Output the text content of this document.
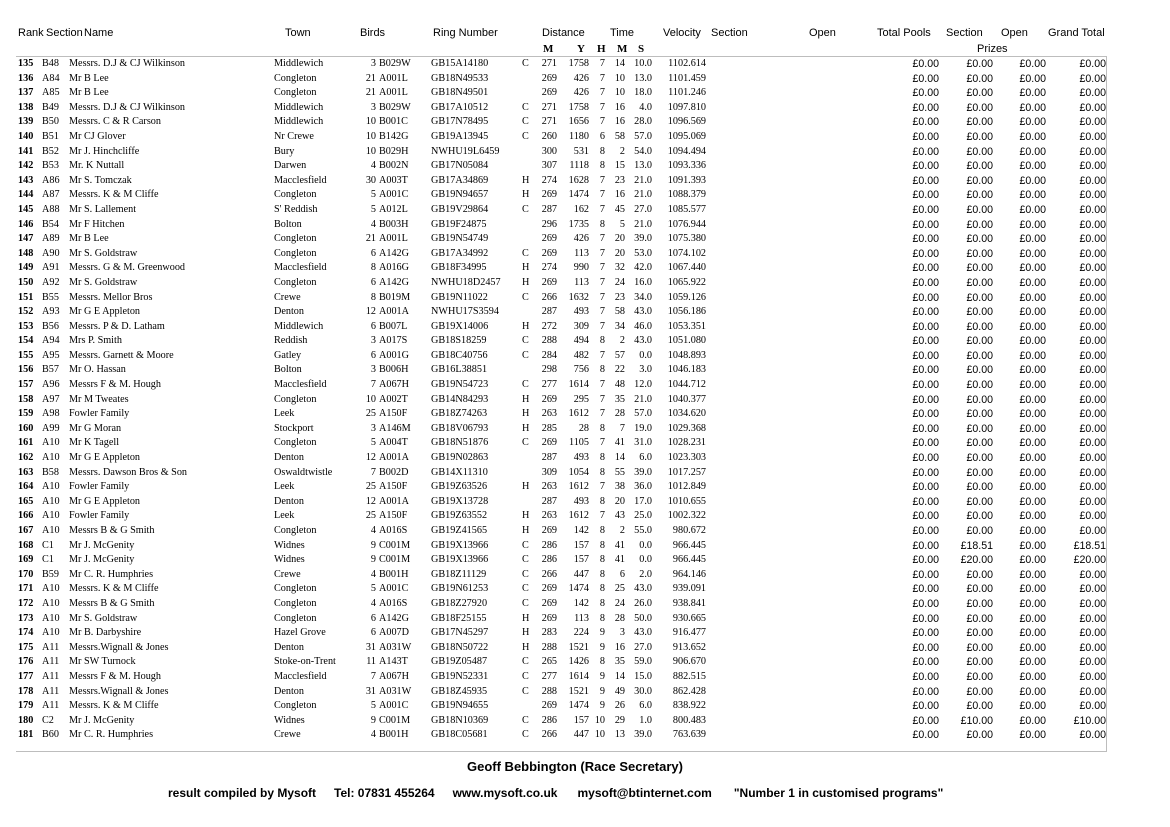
Rank Section Name	Town	Birds	Ring Number	Distance Time	Velocity Section	Open	Total Pools Section Open Grand Total
M Y H M S	Prizes
135 B48 Messrs. D.J & CJ Wilkinson	Middlewich	3 B029W GB15A14180	C 271 1758 7 14 10.0 1102.614	£0.00	£0.00 £0.00	£0.00
136 A84 Mr B Lee	Congleton	21 A001L GB18N49533	269 426 7 10 13.0 1101.459	£0.00	£0.00 £0.00	£0.00
137 A85 Mr B Lee	Congleton	21 A001L GB18N49501	269 426 7 10 18.0 1101.246	£0.00	£0.00 £0.00	£0.00
138 B49 Messrs. D.J & CJ Wilkinson	Middlewich	3 B029W GB17A10512	C 271 1758 7 16 4.0 1097.810	£0.00	£0.00 £0.00	£0.00
139 B50 Messrs. C & R Carson	Middlewich	10 B001C GB17N78495	C 271 1656 7 16 28.0 1096.569	£0.00	£0.00 £0.00	£0.00
140 B51 Mr CJ Glover	Nr Crewe	10 B142G GB19A13945	C 260 1180 6 58 57.0 1095.069	£0.00	£0.00 £0.00	£0.00
141 B52 Mr J. Hinchcliffe	Bury	10 B029H NWHU19L6459	300 531 8 2 54.0 1094.494	£0.00	£0.00 £0.00	£0.00
142 B53 Mr. K Nuttall	Darwen	4 B002N GB17N05084	307 1118 8 15 13.0 1093.336	£0.00	£0.00 £0.00	£0.00
143 A86 Mr S. Tomczak	Macclesfield	30 A003T GB17A34869	H 274 1628 7 23 21.0 1091.393	£0.00	£0.00 £0.00	£0.00
144 A87 Messrs. K & M Cliffe	Congleton	5 A001C GB19N94657	H 269 1474 7 16 21.0 1088.379	£0.00	£0.00 £0.00	£0.00
145 A88 Mr S. Lallement	S' Reddish	5 A012L GB19V29864	C 287 162 7 45 27.0 1085.577	£0.00	£0.00 £0.00	£0.00
146 B54 Mr F Hitchen	Bolton	4 B003H GB19F24875	296 1735 8 5 21.0 1076.944	£0.00	£0.00 £0.00	£0.00
147 A89 Mr B Lee	Congleton	21 A001L GB19N54749	269 426 7 20 39.0 1075.380	£0.00	£0.00 £0.00	£0.00
148 A90 Mr S. Goldstraw	Congleton	6 A142G GB17A34992	C 269 113 7 20 53.0 1074.102	£0.00	£0.00 £0.00	£0.00
149 A91 Messrs. G & M. Greenwood	Macclesfield	8 A016G GB18F34995	H 274 990 7 32 42.0 1067.440	£0.00	£0.00 £0.00	£0.00
150 A92 Mr S. Goldstraw	Congleton	6 A142G NWHU18D2457 H 269 113 7 24 16.0 1065.922	£0.00	£0.00 £0.00	£0.00
151 B55 Messrs. Mellor Bros	Crewe	8 B019M GB19N11022	C 266 1632 7 23 34.0 1059.126	£0.00	£0.00 £0.00	£0.00
152 A93 Mr G E Appleton	Denton	12 A001A NWHU17S3594	287 493 7 58 43.0 1056.186	£0.00	£0.00 £0.00	£0.00
153 B56 Messrs. P & D. Latham	Middlewich	6 B007L GB19X14006	H 272 309 7 34 46.0 1053.351	£0.00	£0.00 £0.00	£0.00
154 A94 Mrs P. Smith	Reddish	3 A017S GB18S18259	C 288 494 8 2 43.0 1051.080	£0.00	£0.00 £0.00	£0.00
155 A95 Messrs. Garnett & Moore	Gatley	6 A001G GB18C40756	C 284 482 7 57 0.0 1048.893	£0.00	£0.00 £0.00	£0.00
156 B57 Mr O. Hassan	Bolton	3 B006H GB16L38851	298 756 8 22 3.0 1046.183	£0.00	£0.00 £0.00	£0.00
157 A96 Messrs F & M. Hough	Macclesfield	7 A067H GB19N54723	C 277 1614 7 48 12.0 1044.712	£0.00	£0.00 £0.00	£0.00
158 A97 Mr M Tweates	Congleton	10 A002T GB14N84293	H 269 295 7 35 21.0 1040.377	£0.00	£0.00 £0.00	£0.00
159 A98 Fowler Family	Leek	25 A150F GB18Z74263	H 263 1612 7 28 57.0 1034.620	£0.00	£0.00 £0.00	£0.00
160 A99 Mr G Moran	Stockport	3 A146M GB18V06793	H 285 28 8 7 19.0 1029.368	£0.00	£0.00 £0.00	£0.00
161 A10 Mr K Tagell	Congleton	5 A004T GB18N51876	C 269 1105 7 41 31.0 1028.231	£0.00	£0.00 £0.00	£0.00
162 A10 Mr G E Appleton	Denton	12 A001A GB19N02863	287 493 8 14 6.0 1023.303	£0.00	£0.00 £0.00	£0.00
163 B58 Messrs. Dawson Bros & Son	Oswaldtwistle	7 B002D GB14X11310	309 1054 8 55 39.0 1017.257	£0.00	£0.00 £0.00	£0.00
164 A10 Fowler Family	Leek	25 A150F GB19Z63526	H 263 1612 7 38 36.0 1012.849	£0.00	£0.00 £0.00	£0.00
165 A10 Mr G E Appleton	Denton	12 A001A GB19X13728	287 493 8 20 17.0 1010.655	£0.00	£0.00 £0.00	£0.00
166 A10 Fowler Family	Leek	25 A150F GB19Z63552	H 263 1612 7 43 25.0 1002.322	£0.00	£0.00 £0.00	£0.00
167 A10 Messrs B & G Smith	Congleton	4 A016S GB19Z41565	H 269 142 8 2 55.0 980.672	£0.00	£0.00 £0.00	£0.00
168 C1 Mr J. McGenity	Widnes	9 C001M GB19X13966	C 286 157 8 41 0.0 966.445	£0.00 £18.51 £0.00	£18.51
169 C1 Mr J. McGenity	Widnes	9 C001M GB19X13966	C 286 157 8 41 0.0 966.445	£0.00 £20.00 £0.00	£20.00
170 B59 Mr C. R. Humphries	Crewe	4 B001H GB18Z11129	C 266 447 8 6 2.0 964.146	£0.00	£0.00 £0.00	£0.00
171 A10 Messrs. K & M Cliffe	Congleton	5 A001C GB19N61253	C 269 1474 8 25 43.0 939.091	£0.00	£0.00 £0.00	£0.00
172 A10 Messrs B & G Smith	Congleton	4 A016S GB18Z27920	C 269 142 8 24 26.0 938.841	£0.00	£0.00 £0.00	£0.00
173 A10 Mr S. Goldstraw	Congleton	6 A142G GB18F25155	H 269 113 8 28 50.0 930.665	£0.00	£0.00 £0.00	£0.00
174 A10 Mr B. Darbyshire	Hazel Grove	6 A007D GB17N45297	H 283 224 9 3 43.0 916.477	£0.00	£0.00 £0.00	£0.00
175 A11 Messrs.Wignall & Jones	Denton	31 A031W GB18N50722	H 288 1521 9 16 27.0 913.652	£0.00	£0.00 £0.00	£0.00
176 A11 Mr SW Turnock	Stoke-on-Trent	11 A143T GB19Z05487	C 265 1426 8 35 59.0 906.670	£0.00	£0.00 £0.00	£0.00
177 A11 Messrs F & M. Hough	Macclesfield	7 A067H GB19N52331	C 277 1614 9 14 15.0 882.515	£0.00	£0.00 £0.00	£0.00
178 A11 Messrs.Wignall & Jones	Denton	31 A031W GB18Z45935	C 288 1521 9 49 30.0 862.428	£0.00	£0.00 £0.00	£0.00
179 A11 Messrs. K & M Cliffe	Congleton	5 A001C GB19N94655	269 1474 9 26 6.0 838.922	£0.00	£0.00 £0.00	£0.00
180 C2 Mr J. McGenity	Widnes	9 C001M GB18N10369	C 286 157 10 29 1.0 800.483	£0.00 £10.00 £0.00	£10.00
181 B60 Mr C. R. Humphries	Crewe	4 B001H GB18C05681	C 266 447 10 13 39.0 763.639	£0.00	£0.00 £0.00	£0.00
Geoff Bebbington (Race Secretary)
result compiled by Mysoft Tel: 07831 455264 www.mysoft.co.uk mysoft@btinternet.com "Number 1 in customised programs"
